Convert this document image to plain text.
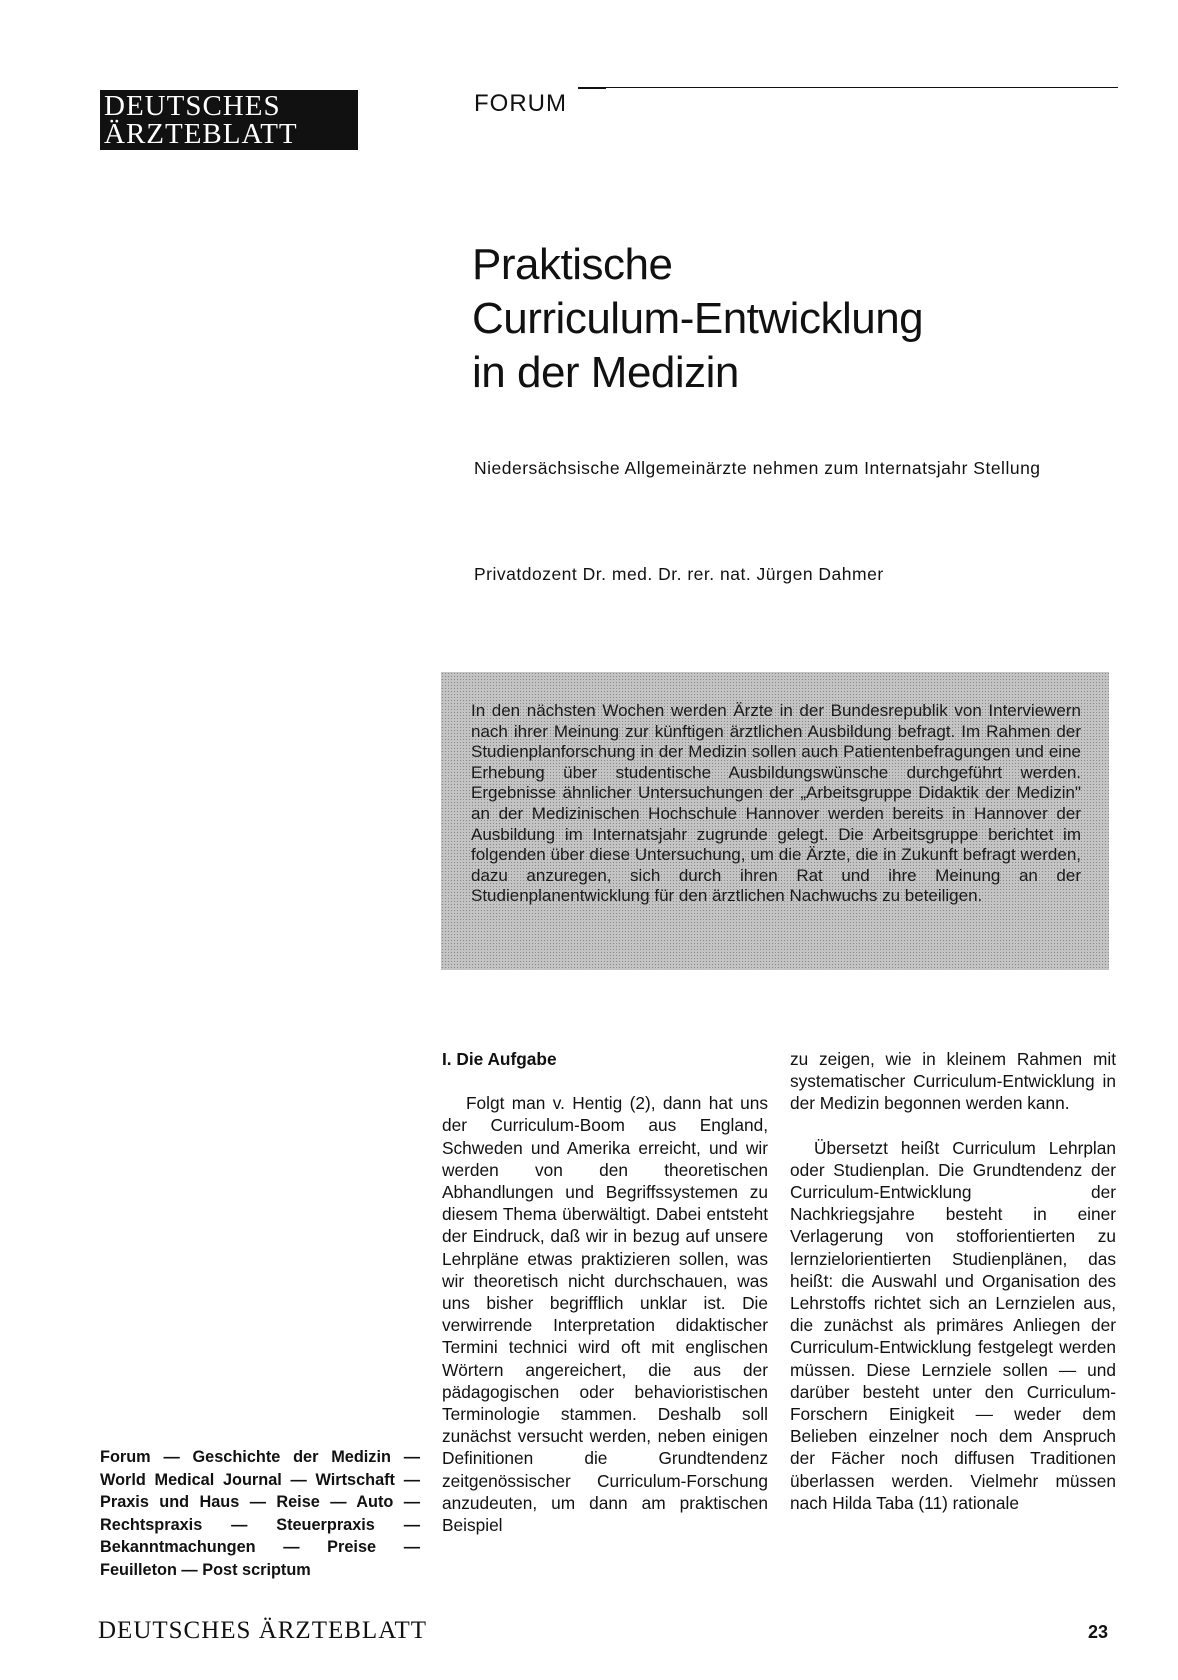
DEUTSCHES
ÄRZTEBLATT
FORUM
Praktische
Curriculum-Entwicklung
in der Medizin
Niedersächsische Allgemeinärzte nehmen zum Internatsjahr Stellung
Privatdozent Dr. med. Dr. rer. nat. Jürgen Dahmer
In den nächsten Wochen werden Ärzte in der Bundesrepublik von Interviewern nach ihrer Meinung zur künftigen ärztlichen Ausbildung befragt. Im Rahmen der Studienplanforschung in der Medizin sollen auch Patientenbefragungen und eine Erhebung über studentische Ausbildungswünsche durchgeführt werden. Ergebnisse ähnlicher Untersuchungen der „Arbeitsgruppe Didaktik der Medizin" an der Medizinischen Hochschule Hannover werden bereits in Hannover der Ausbildung im Internatsjahr zugrunde gelegt. Die Arbeitsgruppe berichtet im folgenden über diese Untersuchung, um die Ärzte, die in Zukunft befragt werden, dazu anzuregen, sich durch ihren Rat und ihre Meinung an der Studienplanentwicklung für den ärztlichen Nachwuchs zu beteiligen.
I. Die Aufgabe

Folgt man v. Hentig (2), dann hat uns der Curriculum-Boom aus England, Schweden und Amerika erreicht, und wir werden von den theoretischen Abhandlungen und Begriffssystemen zu diesem Thema überwältigt. Dabei entsteht der Eindruck, daß wir in bezug auf unsere Lehrpläne etwas praktizieren sollen, was wir theoretisch nicht durchschauen, was uns bisher begrifflich unklar ist. Die verwirrende Interpretation didaktischer Termini technici wird oft mit englischen Wörtern angereichert, die aus der pädagogischen oder behavioristischen Terminologie stammen. Deshalb soll zunächst versucht werden, neben einigen Definitionen die Grundtendenz zeitgenössischer Curriculum-Forschung anzudeuten, um dann am praktischen Beispiel

zu zeigen, wie in kleinem Rahmen mit systematischer Curriculum-Entwicklung in der Medizin begonnen werden kann.

Übersetzt heißt Curriculum Lehrplan oder Studienplan. Die Grundtendenz der Curriculum-Entwicklung der Nachkriegsjahre besteht in einer Verlagerung von stofforientierten zu lernzielorientierten Studienplänen, das heißt: die Auswahl und Organisation des Lehrstoffs richtet sich an Lernzielen aus, die zunächst als primäres Anliegen der Curriculum-Entwicklung festgelegt werden müssen. Diese Lernziele sollen — und darüber besteht unter den Curriculum-Forschern Einigkeit — weder dem Belieben einzelner noch dem Anspruch der Fächer noch diffusen Traditionen überlassen werden. Vielmehr müssen nach Hilda Taba (11) rationale

Forum — Geschichte der Medizin — World Medical Journal — Wirtschaft — Praxis und Haus — Reise — Auto — Rechtspraxis — Steuerpraxis — Bekanntmachungen — Preise — Feuilleton — Post scriptum
DEUTSCHES ÄRZTEBLATT	23
